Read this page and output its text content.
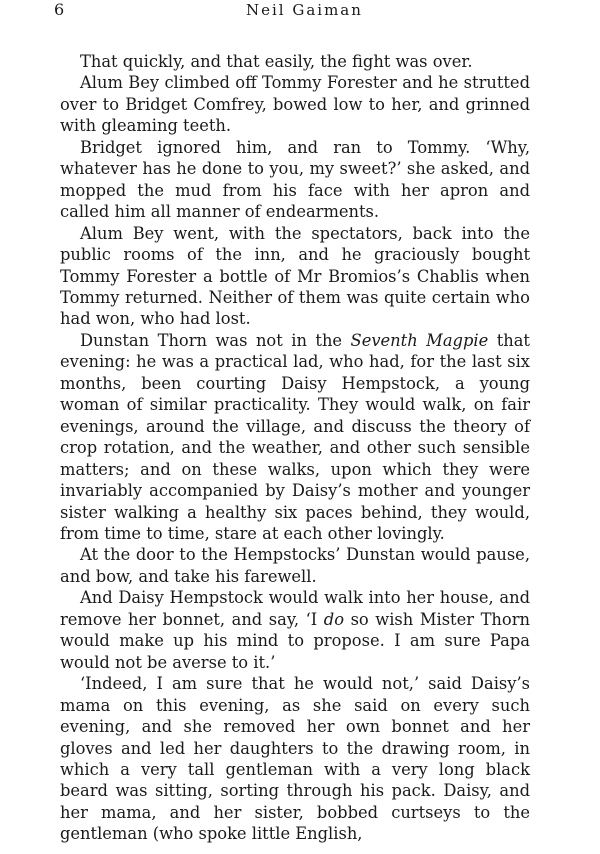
6	Neil Gaiman

That quickly, and that easily, the fight was over.

Alum Bey climbed off Tommy Forester and he strutted over to Bridget Comfrey, bowed low to her, and grinned with gleaming teeth.

Bridget ignored him, and ran to Tommy. ‘Why, whatever has he done to you, my sweet?’ she asked, and mopped the mud from his face with her apron and called him all manner of endearments.

Alum Bey went, with the spectators, back into the public rooms of the inn, and he graciously bought Tommy Forester a bottle of Mr Bromios’s Chablis when Tommy returned. Neither of them was quite certain who had won, who had lost.

Dunstan Thorn was not in the Seventh Magpie that evening: he was a practical lad, who had, for the last six months, been courting Daisy Hempstock, a young woman of similar practicality. They would walk, on fair evenings, around the village, and discuss the theory of crop rotation, and the weather, and other such sensible matters; and on these walks, upon which they were invariably accompanied by Daisy’s mother and younger sister walking a healthy six paces behind, they would, from time to time, stare at each other lovingly.

At the door to the Hempstocks’ Dunstan would pause, and bow, and take his farewell.

And Daisy Hempstock would walk into her house, and remove her bonnet, and say, ‘I do so wish Mister Thorn would make up his mind to propose. I am sure Papa would not be averse to it.’

‘Indeed, I am sure that he would not,’ said Daisy’s mama on this evening, as she said on every such evening, and she removed her own bonnet and her gloves and led her daughters to the drawing room, in which a very tall gentleman with a very long black beard was sitting, sorting through his pack. Daisy, and her mama, and her sister, bobbed curtseys to the gentleman (who spoke little English,
